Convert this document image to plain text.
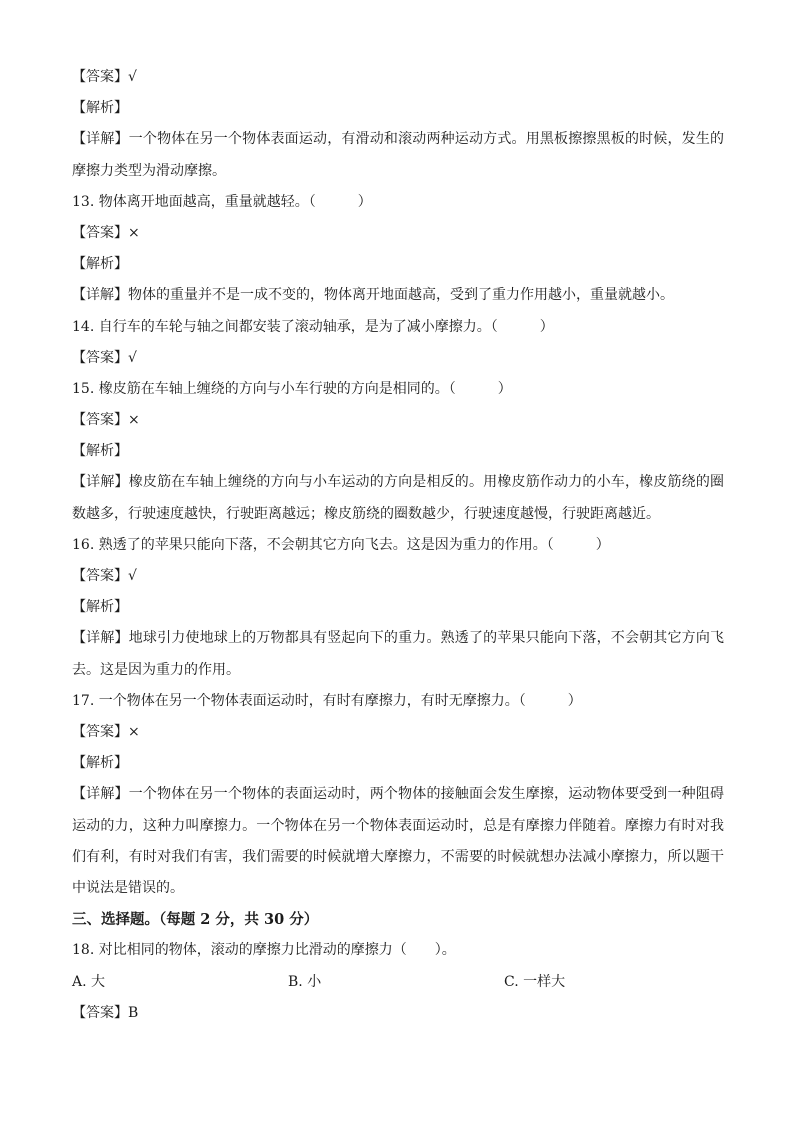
【答案】√
【解析】
【详解】一个物体在另一个物体表面运动，有滑动和滚动两种运动方式。用黑板擦擦黑板的时候，发生的摩擦力类型为滑动摩擦。
13. 物体离开地面越高，重量就越轻。（　　　）
【答案】×
【解析】
【详解】物体的重量并不是一成不变的，物体离开地面越高，受到了重力作用越小，重量就越小。
14. 自行车的车轮与轴之间都安装了滚动轴承，是为了减小摩擦力。（　　　）
【答案】√
15. 橡皮筋在车轴上缠绕的方向与小车行驶的方向是相同的。（　　　）
【答案】×
【解析】
【详解】橡皮筋在车轴上缠绕的方向与小车运动的方向是相反的。用橡皮筋作动力的小车，橡皮筋绕的圈数越多，行驶速度越快，行驶距离越远；橡皮筋绕的圈数越少，行驶速度越慢，行驶距离越近。
16. 熟透了的苹果只能向下落，不会朝其它方向飞去。这是因为重力的作用。（　　　）
【答案】√
【解析】
【详解】地球引力使地球上的万物都具有竖起向下的重力。熟透了的苹果只能向下落，不会朝其它方向飞去。这是因为重力的作用。
17. 一个物体在另一个物体表面运动时，有时有摩擦力，有时无摩擦力。（　　　）
【答案】×
【解析】
【详解】一个物体在另一个物体的表面运动时，两个物体的接触面会发生摩擦，运动物体要受到一种阻碍运动的力，这种力叫摩擦力。一个物体在另一个物体表面运动时，总是有摩擦力伴随着。摩擦力有时对我们有利，有时对我们有害，我们需要的时候就增大摩擦力，不需要的时候就想办法减小摩擦力，所以题干中说法是错误的。
三、选择题。（每题 2 分，共 30 分）
18. 对比相同的物体，滚动的摩擦力比滑动的摩擦力（　　）。
A. 大	B. 小	C. 一样大
【答案】B
